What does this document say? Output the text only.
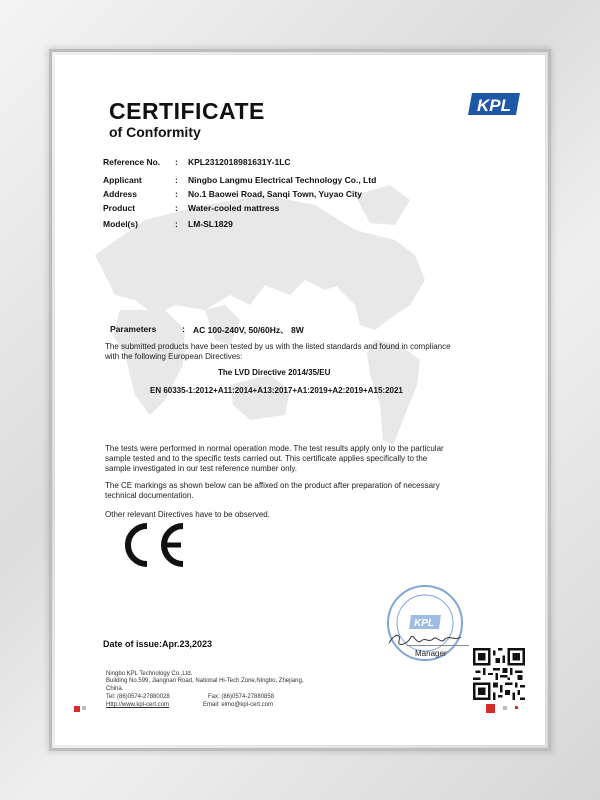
CERTIFICATE
of Conformity
KPL
Reference No. : KPL2312018981631Y-1LC
Applicant	: Ningbo Langmu Electrical Technology Co., Ltd
Address	: No.1 Baowei Road, Sanqi Town, Yuyao City
Product	: Water-cooled mattress
Model(s)	: LM-SL1829
Parameters	: AC 100-240V, 50/60Hz、 8W
The submitted products have been tested by us with the listed standards and found in compliance with the following European Directives:
The LVD Directive 2014/35/EU
EN 60335-1:2012+A11:2014+A13:2017+A1:2019+A2:2019+A15:2021
The tests were performed in normal operation mode. The test results apply only to the particular sample tested and to the specific tests carried out. This certificate applies specifically to the sample investigated in our test reference number only.
The CE markings as shown below can be affixed on the product after preparation of necessary technical documentation.
Other relevant Directives have to be observed.
KPL
Date of issue:Apr.23,2023
Manager
Ningbo KPL Technology Co.,Ltd.
Building No.599, Jiangnan Road, National Hi-Tech Zone,Ningbo, Zhejiang,
China.
Tel: (86)0574-27880028	Fax: (86)0574-27880858
Http://www.kpl-cert.com	Email: elmo@kpl-cert.com
